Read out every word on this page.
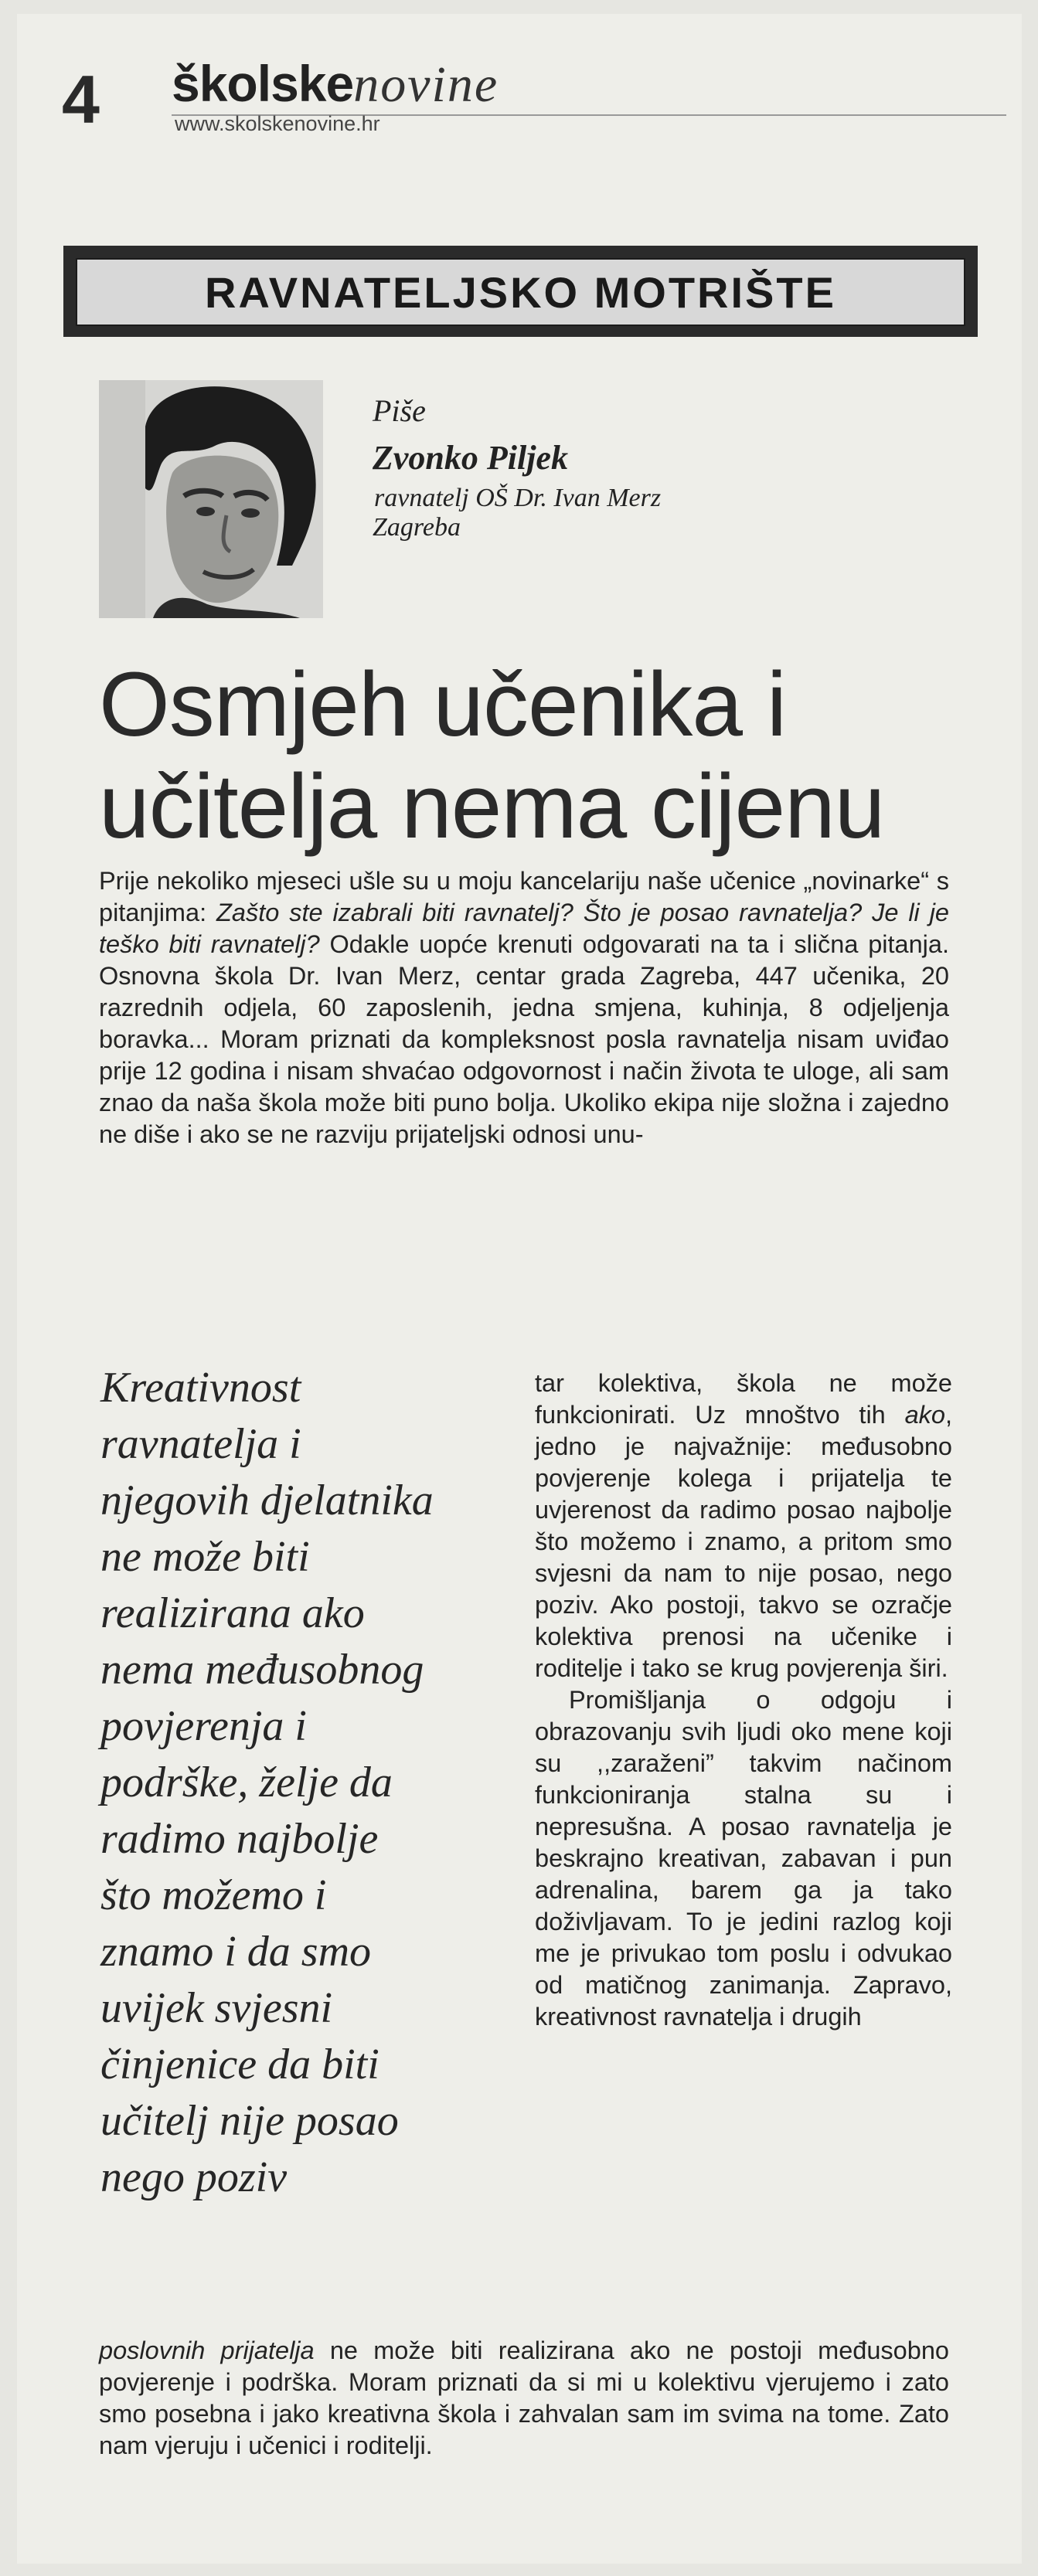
4 školskenovine
www.skolskenovine.hr
RAVNATELJSKO MOTRIŠTE
Piše
Zvonko Piljek
ravnatelj OŠ Dr. Ivan Merz
Zagreba
Osmjeh učenika i
učitelja nema cijenu

Prije nekoliko mjeseci ušle su u moju kancelariju naše učenice „novinarke“ s pitanjima: Zašto ste izabrali biti ravnatelj? Što je posao ravnatelja? Je li je teško biti ravnatelj? Odakle uopće krenuti odgovarati na ta i slična pitanja. Osnovna škola Dr. Ivan Merz, centar grada Zagreba, 447 učenika, 20 razrednih odjela, 60 zaposlenih, jedna smjena, kuhinja, 8 odjeljenja boravka... Moram priznati da kompleksnost posla ravnatelja nisam uviđao prije 12 godina i nisam shvaćao odgovornost i način života te uloge, ali sam znao da naša škola može biti puno bolja. Ukoliko ekipa nije složna i zajedno ne diše i ako se ne razviju prijateljski odnosi unu-

Kreativnost
ravnatelja i
njegovih djelatnika
ne može biti
realizirana ako
nema međusobnog
povjerenja i
podrške, želje da
radimo najbolje
što možemo i
znamo i da smo
uvijek svjesni
činjenice da biti
učitelj nije posao
nego poziv

tar kolektiva, škola ne može funkcionirati. Uz mnoštvo tih ako, jedno je najvažnije: međusobno povjerenje kolega i prijatelja te uvjerenost da radimo posao najbolje što možemo i znamo, a pritom smo svjesni da nam to nije posao, nego poziv. Ako postoji, takvo se ozračje kolektiva prenosi na učenike i roditelje i tako se krug povjerenja širi.

Promišljanja o odgoju i obrazovanju svih ljudi oko mene koji su ,,zaraženi” takvim načinom funkcioniranja stalna su i nepresušna. A posao ravnatelja je beskrajno kreativan, zabavan i pun adrenalina, barem ga ja tako doživljavam. To je jedini razlog koji me je privukao tom poslu i odvukao od matičnog zanimanja. Zapravo, kreativnost ravnatelja i drugih

poslovnih prijatelja ne može biti realizirana ako ne postoji međusobno povjerenje i podrška. Moram priznati da si mi u kolektivu vjerujemo i zato smo posebna i jako kreativna škola i zahvalan sam im svima na tome. Zato nam vjeruju i učenici i roditelji.
